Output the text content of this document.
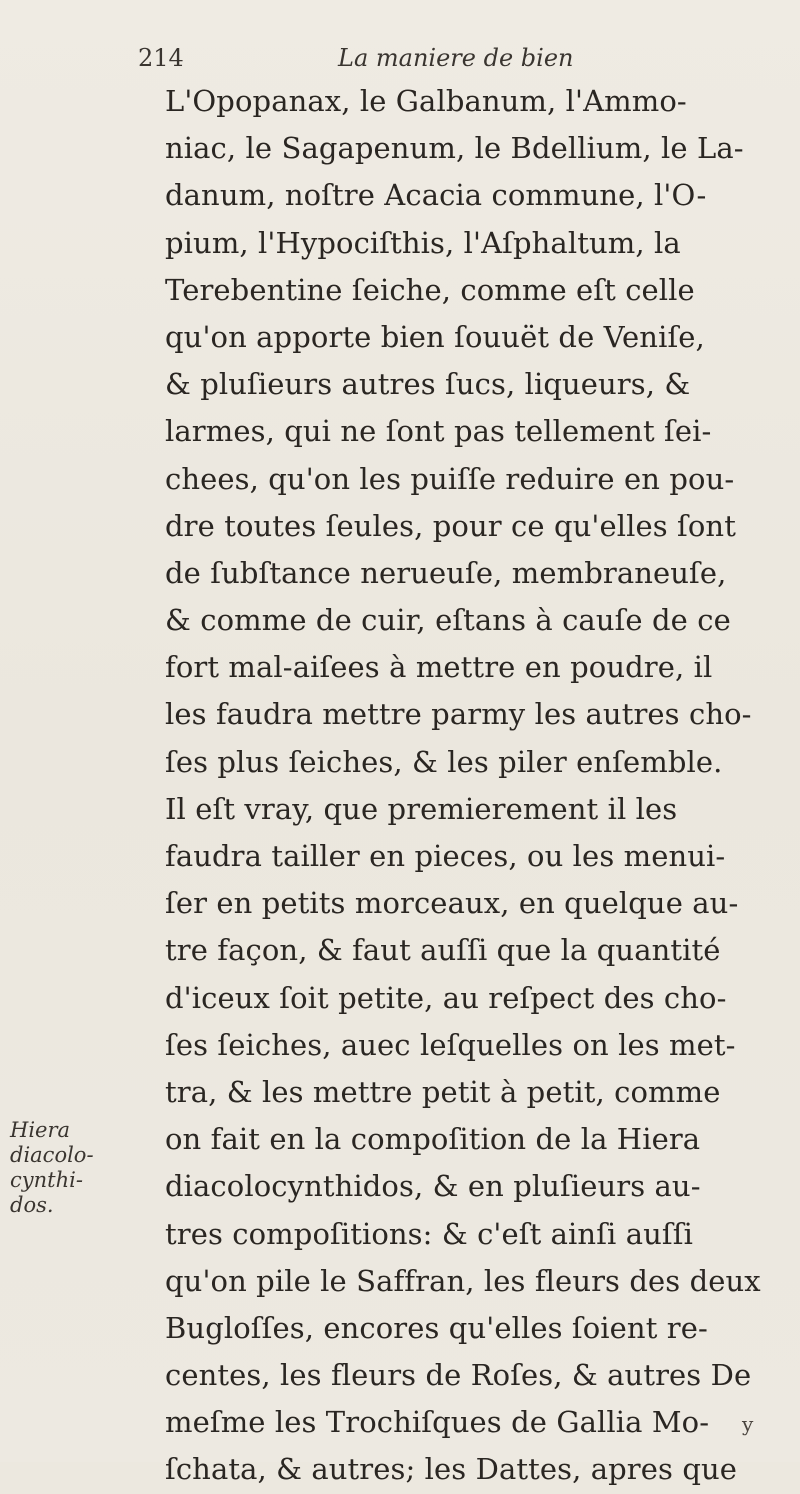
214	La maniere de bien
L'Opopanax, le Galbanum, l'Ammo-
niac, le Sagapenum, le Bdellium, le La-
danum, noſtre Acacia commune, l'O-
pium, l'Hypociſthis, l'Aſphaltum, la
Terebentine ſeiche, comme eſt celle
qu'on apporte bien ſouuët de Veniſe,
& pluſieurs autres ſucs, liqueurs, &
larmes, qui ne ſont pas tellement ſei-
chees, qu'on les puiſſe reduire en pou-
dre toutes ſeules, pour ce qu'elles ſont
de ſubſtance nerueuſe, membraneuſe,
& comme de cuir, eſtans à cauſe de ce
fort mal-aiſees à mettre en poudre, il
les faudra mettre parmy les autres cho-
ſes plus ſeiches, & les piler enſemble.
Il eſt vray, que premierement il les
faudra tailler en pieces, ou les menui-
ſer en petits morceaux, en quelque au-
tre façon, & faut auſſi que la quantité
d'iceux ſoit petite, au reſpect des cho-
ſes ſeiches, auec leſquelles on les met-
tra, & les mettre petit à petit, comme
on fait en la compoſition de la Hiera
diacolocynthidos, & en pluſieurs au-
tres compoſitions: & c'eſt ainſi auſſi
qu'on pile le Saffran, les fleurs des deux
Bugloſſes, encores qu'elles ſoient re-
centes, les fleurs de Roſes, & autres De
meſme les Trochiſques de Gallia Mo-
ſchata, & autres; les Dattes, apres que
Hiera
diacolo-
cynthi-
dos.
y
